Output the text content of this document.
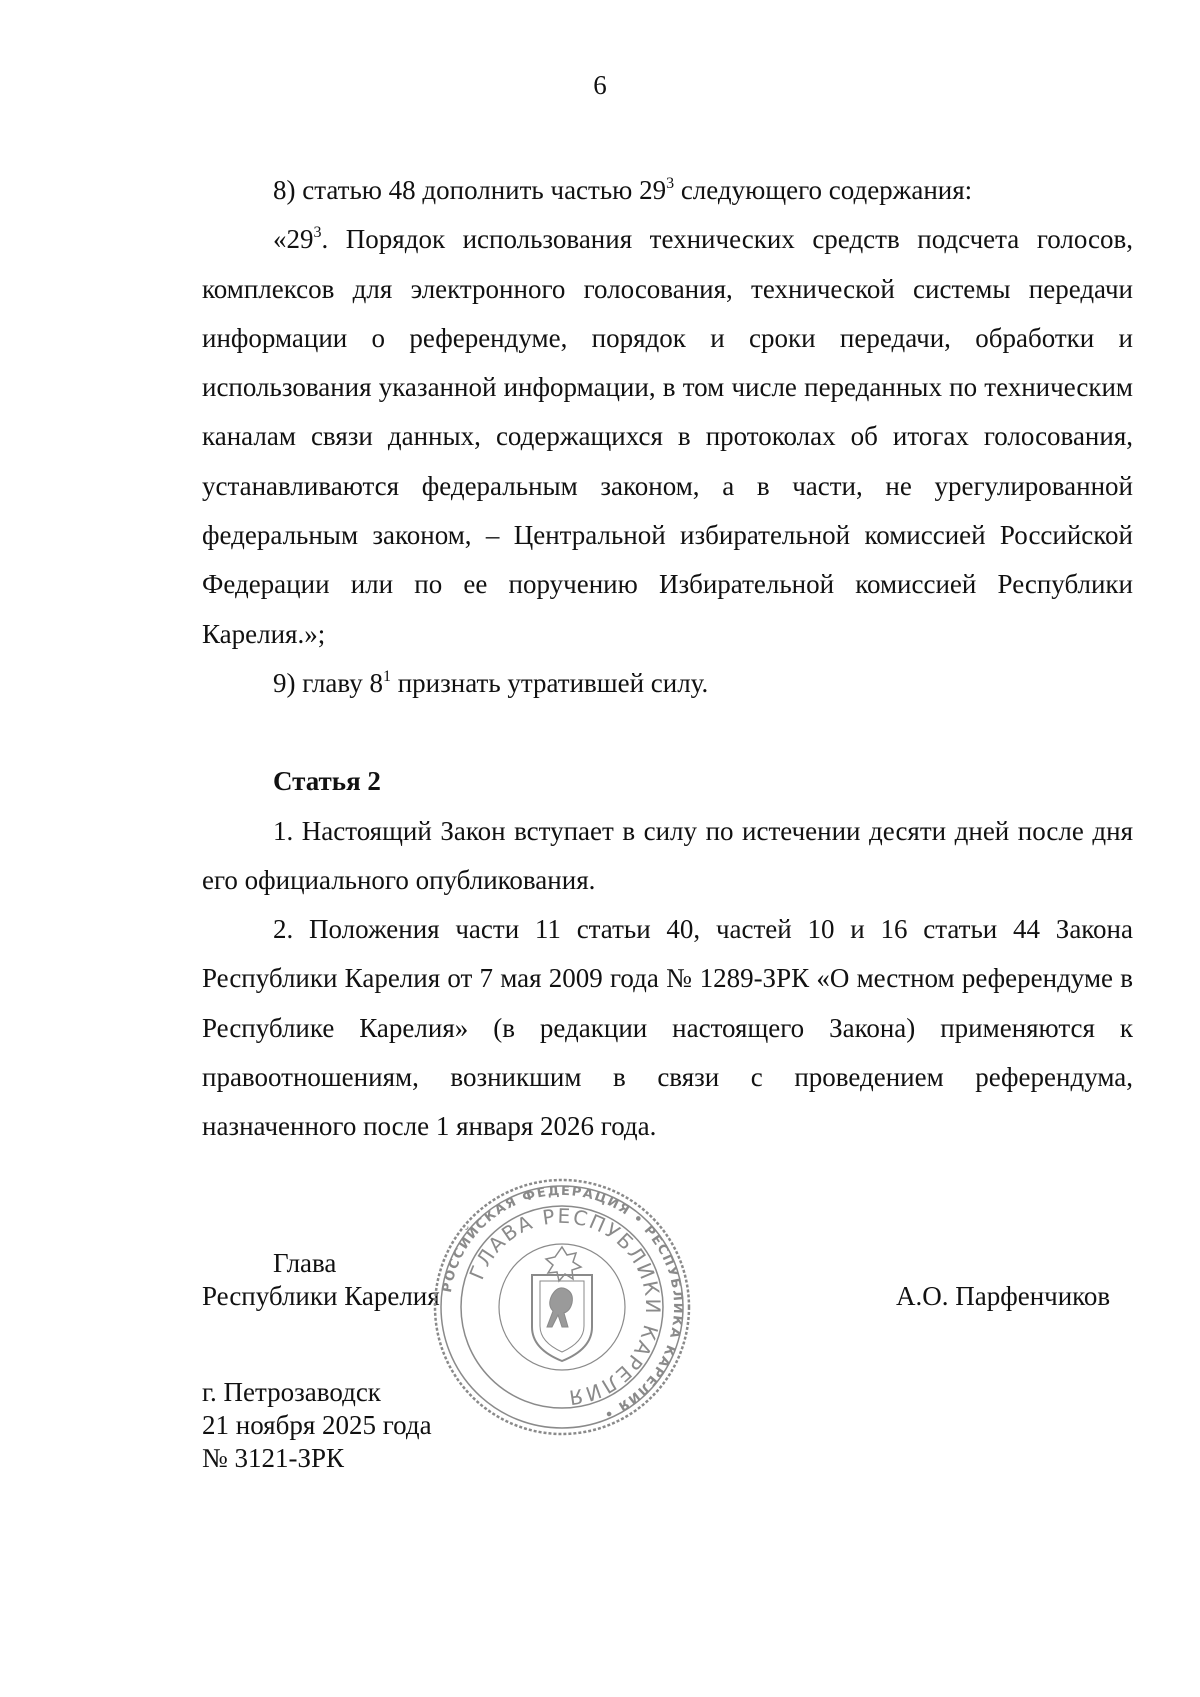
6

8) статью 48 дополнить частью $29^3$ следующего содержания:

«$29^3$. Порядок использования технических средств подсчета голосов, комплексов для электронного голосования, технической системы передачи информации о референдуме, порядок и сроки передачи, обработки и использования указанной информации, в том числе переданных по техническим каналам связи данных, содержащихся в протоколах об итогах голосования, устанавливаются федеральным законом, а в части, не урегулированной федеральным законом, – Центральной избирательной комиссией Российской Федерации или по ее поручению Избирательной комиссией Республики Карелия.»;

9) главу $8^1$ признать утратившей силу.

Статья 2

1. Настоящий Закон вступает в силу по истечении десяти дней после дня его официального опубликования.

2. Положения части 11 статьи 40, частей 10 и 16 статьи 44 Закона Республики Карелия от 7 мая 2009 года № 1289-ЗРК «О местном референдуме в Республике Карелия» (в редакции настоящего Закона) применяются к правоотношениям, возникшим в связи с проведением референдума, назначенного после 1 января 2026 года.

Глава
Республики Карелия	А.О. Парфенчиков
г. Петрозаводск
21 ноября 2025 года
№ 3121-ЗРК
РОССИЙСКАЯ ФЕДЕРАЦИЯ • РЕСПУБЛИКА КАРЕЛИЯ •
ГЛАВА РЕСПУБЛИКИ КАРЕЛИЯ
